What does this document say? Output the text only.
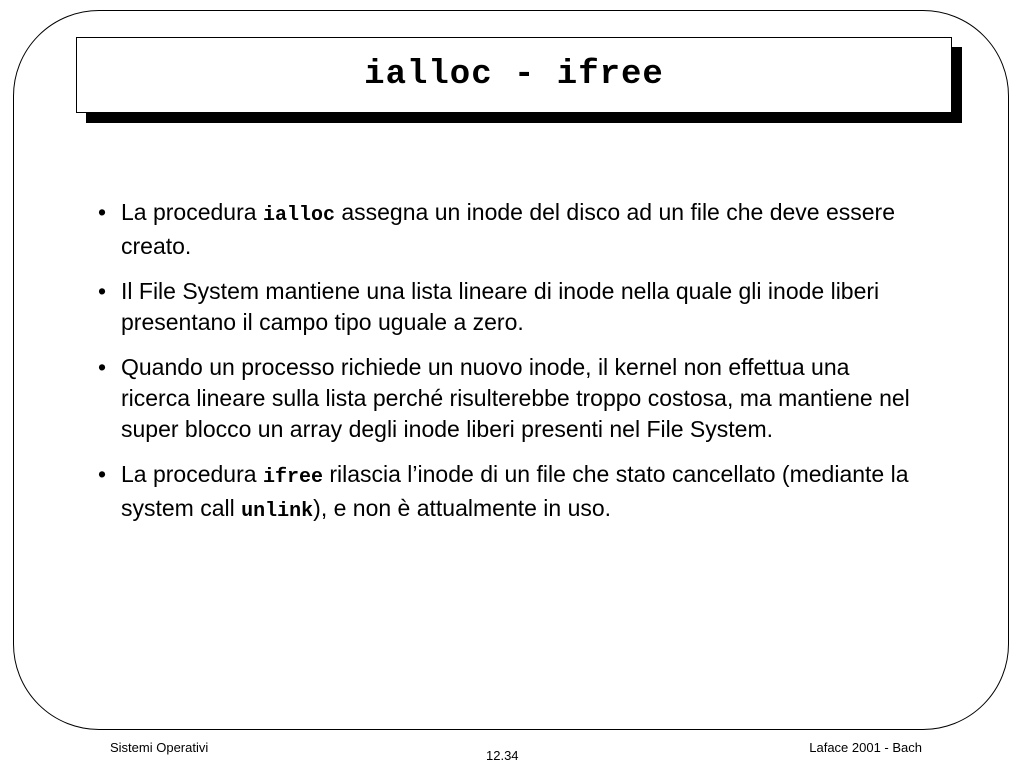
ialloc - ifree
• La procedura ialloc assegna un inode del disco ad un file che deve essere creato.
• Il File System mantiene una lista lineare di inode nella quale gli inode liberi presentano il campo tipo uguale a zero.
• Quando un processo richiede un nuovo inode, il kernel non effettua una ricerca lineare sulla lista perché risulterebbe troppo costosa, ma mantiene nel super blocco un array degli inode liberi presenti nel File System.
• La procedura ifree rilascia l’inode di un file che stato cancellato (mediante la system call unlink), e non è attualmente in uso.
Sistemi Operativi
12.34
Laface 2001 - Bach
